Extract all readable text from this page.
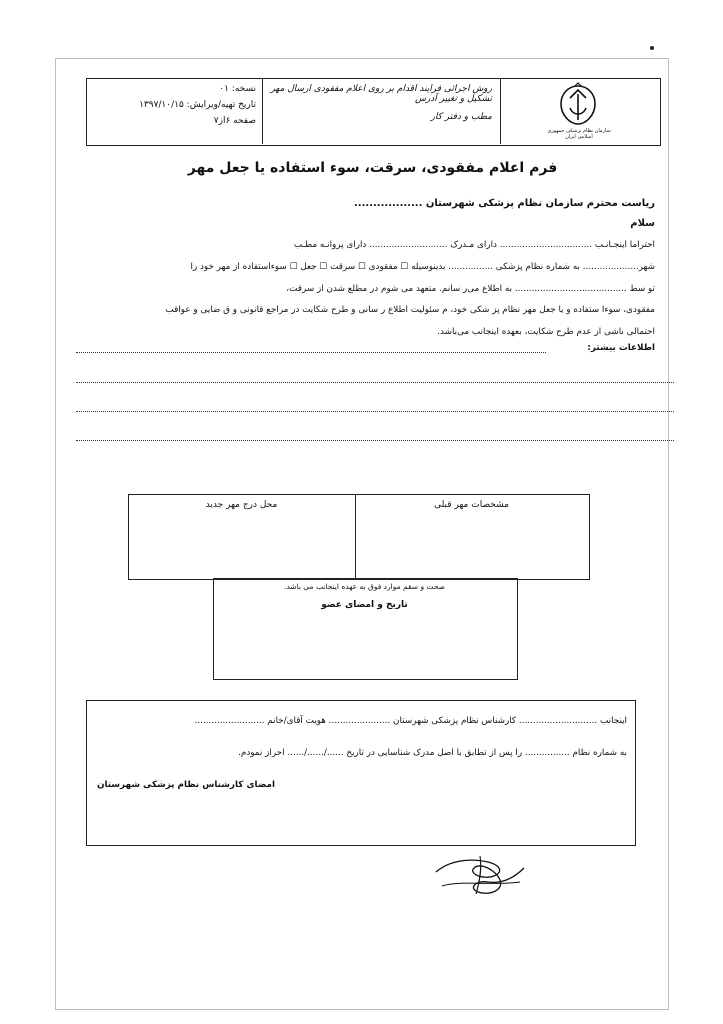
سازمان نظام پزشکی جمهوری اسلامی ایران
روش اجرائی فرایند اقدام بر روی اعلام مفقودی ارسال مهر تشکیل و تغییر آدرس
مطب و دفتر کار
نسخه: ۰۱
تاریخ تهیه/ویرایش: ۱۳۹۷/۱۰/۱۵
صفحه ۶از۷
فرم اعلام مفقودی، سرقت، سوء استفاده یا جعل مهر
ریاست محترم سازمان نظام پزشکی شهرستان ..................
سلام
احتراما اینجـانـب ................................. دارای مـدرک ............................ دارای پروانـه مطـب
شهر.................... به شماره نظام پزشکی ................ بدینوسیله ☐ مفقودی ☐ سرقت ☐ جعل ☐ سوءاستفاده از مهر خود را
تو سط ........................................ به اطلاع می‌ر سانم. متعهد می شوم در مطلع شدن از سرقت،
مفقودی، سوءا ستفاده و یا جعل مهر نظام پز شکی خود، م سئولیت اطلاع ر سانی و طرح شکایت در مراجع قانونی و ق ضایی و عواقب
احتمالی ناشی از عدم طرح شکایت، بعهده اینجانب می‌باشد.
اطلاعات بیشتر:
مشخصات مهر قبلی
محل درج مهر جدید
صحت و سقم موارد فوق به عهده اینجانب می باشد.
تاریخ و امضای عضو
اینجانب ............................ کارشناس نظام پزشکی شهرستان ...................... هویت آقای/خانم .........................
به شماره نظام ................ را پس از تطابق با اصل مدرک شناسایی در تاریخ ....../....../...... احراز نمودم.
امضای کارشناس نظام پزشکی شهرستان
